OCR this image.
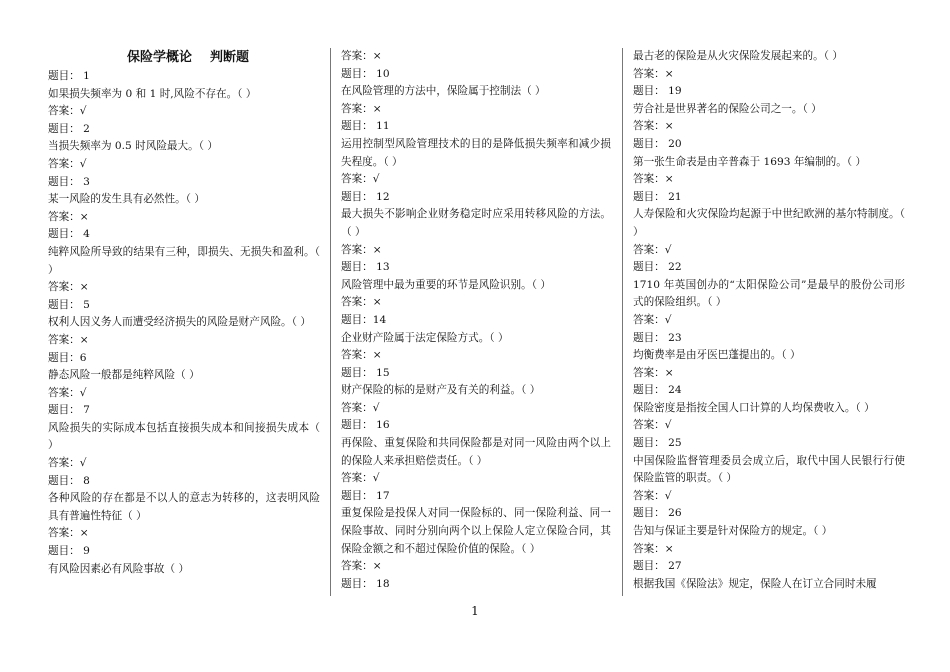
保险学概论    判断题
题目： 1
如果损失频率为 0 和 1 时,风险不存在。（ ）
答案：√
题目： 2
当损失频率为 0.5 时风险最大。（ ）
答案：√
题目： 3
某一风险的发生具有必然性。（ ）
答案：×
题目： 4
纯粹风险所导致的结果有三种，即损失、无损失和盈利。（ ）
答案：×
题目： 5
权利人因义务人而遭受经济损失的风险是财产风险。（ ）
答案：×
题目：6
静态风险一般都是纯粹风险（ ）
答案：√
题目： 7
风险损失的实际成本包括直接损失成本和间接损失成本（ ）
答案：√
题目： 8
各种风险的存在都是不以人的意志为转移的，这表明风险具有普遍性特征（ ）
答案：×
题目： 9
有风险因素必有风险事故（ ）
答案：×
题目： 10
在风险管理的方法中，保险属于控制法（ ）
答案：×
题目： 11
运用控制型风险管理技术的目的是降低损失频率和减少损失程度。（ ）
答案：√
题目： 12
最大损失不影响企业财务稳定时应采用转移风险的方法。（ ）
答案：×
题目： 13
风险管理中最为重要的环节是风险识别。（ ）
答案：×
题目：14
企业财产险属于法定保险方式。（ ）
答案：×
题目： 15
财产保险的标的是财产及有关的利益。（ ）
答案：√
题目： 16
再保险、重复保险和共同保险都是对同一风险由两个以上的保险人来承担赔偿责任。（ ）
答案：√
题目： 17
重复保险是投保人对同一保险标的、同一保险利益、同一保险事故、同时分别向两个以上保险人定立保险合同，其保险金额之和不超过保险价值的保险。（ ）
答案：×
题目： 18
最古老的保险是从火灾保险发展起来的。（ ）
答案：×
题目： 19
劳合社是世界著名的保险公司之一。（ ）
答案：×
题目： 20
第一张生命表是由辛普森于 1693 年编制的。（ ）
答案：×
题目： 21
人寿保险和火灾保险均起源于中世纪欧洲的基尔特制度。（ ）
答案：√
题目： 22
1710 年英国创办的“太阳保险公司”是最早的股份公司形式的保险组织。（ ）
答案：√
题目： 23
均衡费率是由牙医巴蓬提出的。（ ）
答案：×
题目： 24
保险密度是指按全国人口计算的人均保费收入。（ ）
答案：√
题目： 25
中国保险监督管理委员会成立后，取代中国人民银行行使保险监管的职责。（ ）
答案：√
题目： 26
告知与保证主要是针对保险方的规定。（ ）
答案：×
题目： 27
根据我国《保险法》规定，保险人在订立合同时未履
1
